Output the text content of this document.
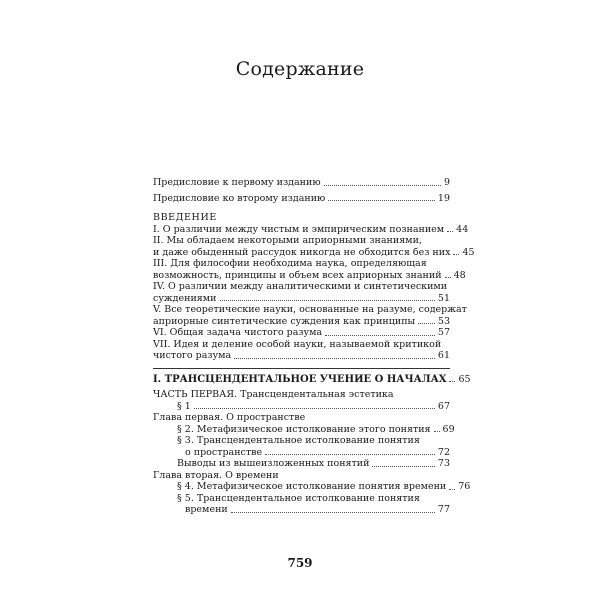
Содержание
Предисловие к первому изданию	9
Предисловие ко второму изданию	19
ВВЕДЕНИЕ
I. О различии между чистым и эмпирическим познанием 44
II. Мы обладаем некоторыми априорными знаниями,
и даже обыденный рассудок никогда не обходится без них 45
III. Для философии необходима наука, определяющая
возможность, принципы и объем всех априорных знаний 48
IV. О различии между аналитическими и синтетическими
суждениями	51
V. Все теоретические науки, основанные на разуме, содержат
априорные синтетические суждения как принципы 53
VI. Общая задача чистого разума	57
VII. Идея и деление особой науки, называемой критикой
чистого разума	61
I. ТРАНСЦЕНДЕНТАЛЬНОЕ УЧЕНИЕ О НАЧАЛАХ 65
ЧАСТЬ ПЕРВАЯ. Трансцендентальная эстетика
§ 1	67
Глава первая. О пространстве
§ 2. Метафизическое истолкование этого понятия 69
§ 3. Трансцендентальное истолкование понятия
о пространстве	72
Выводы из вышеизложенных понятий	73
Глава вторая. О времени
§ 4. Метафизическое истолкование понятия времени 76
§ 5. Трансцендентальное истолкование понятия
времени	77
759
